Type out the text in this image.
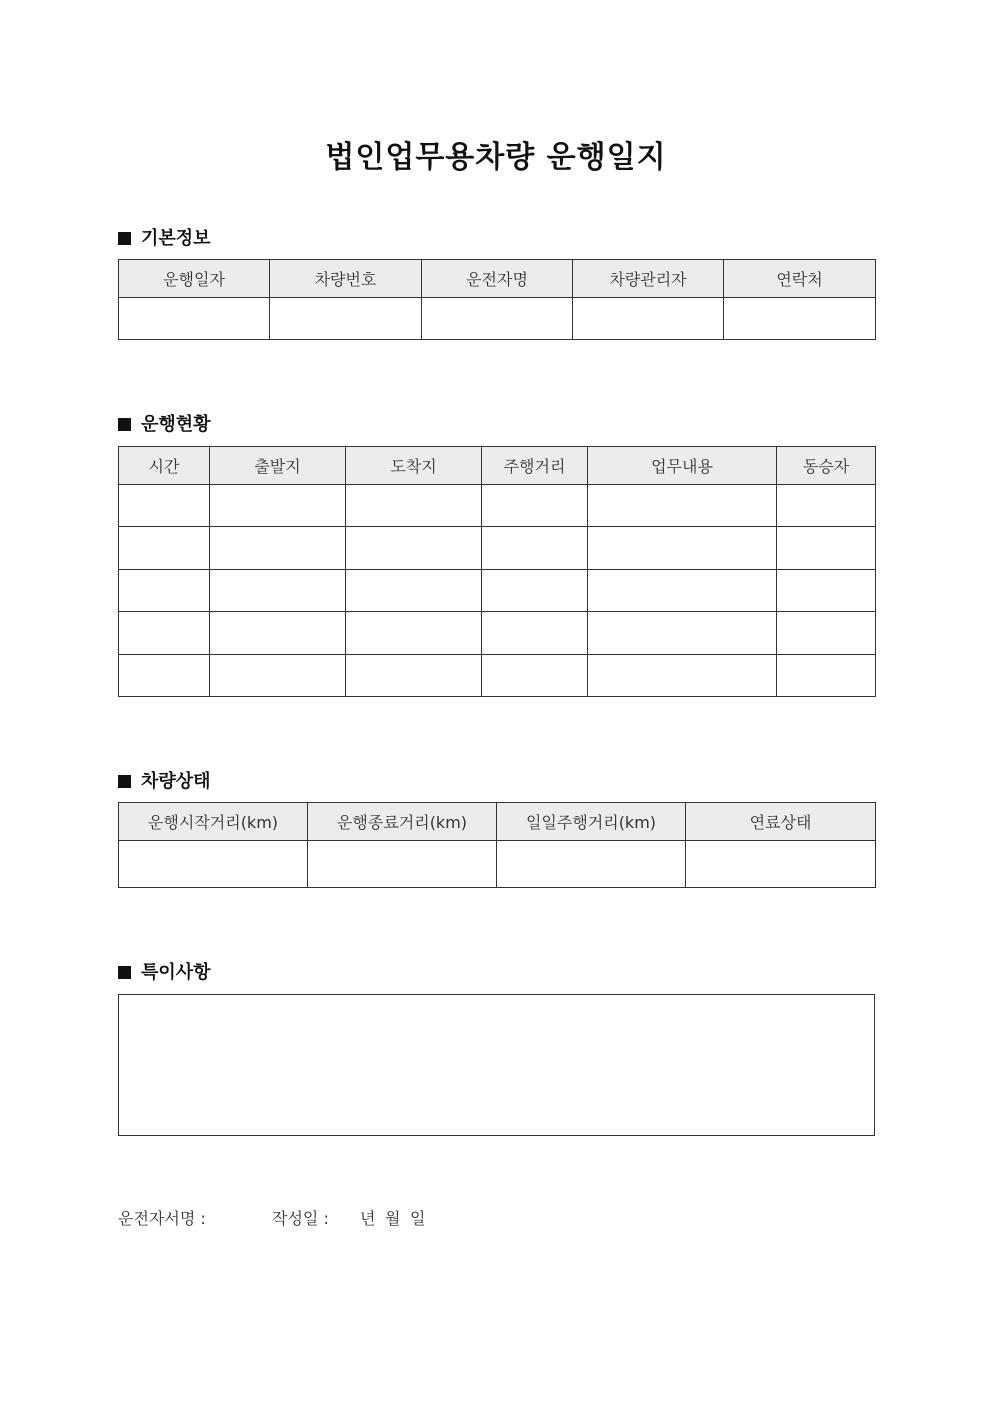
법인업무용차량 운행일지
기본정보
운행일자	차량번호	운전자명	차량관리자	연락처

운행현황
시간	출발지	도착지	주행거리	업무내용	동승자

차량상태
운행시작거리(km)	운행종료거리(km)	일일주행거리(km)	연료상태

특이사항
운전자서명 :	작성일 : 년 월 일
